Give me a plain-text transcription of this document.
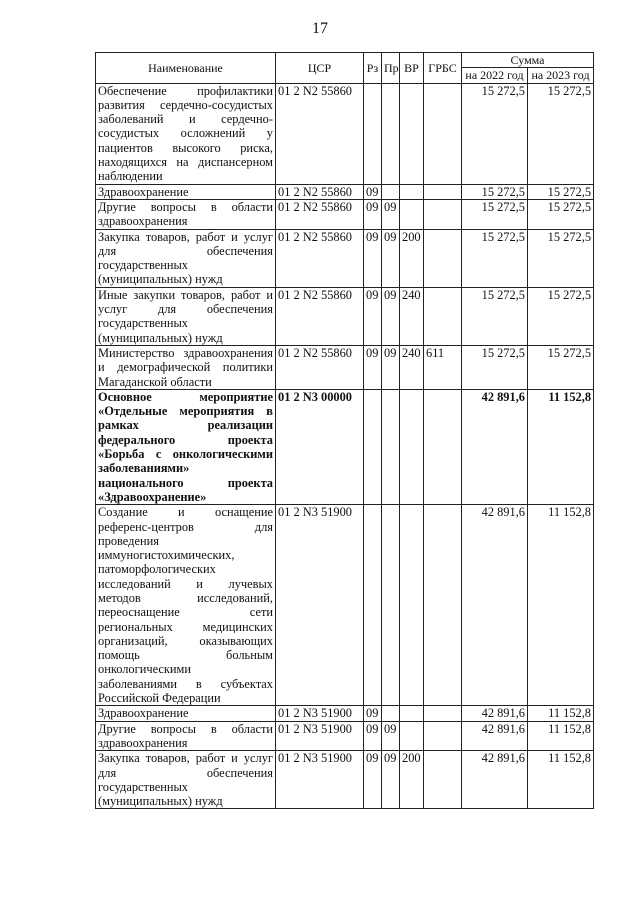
17
Наименование	ЦСР	Рз	Пр	ВР	ГРБС	Сумма	
						на 2022 год	на 2023 год
Обеспечение профилактики развития сердечно-сосудистых заболеваний и сердечно-сосудистых осложнений у пациентов высокого риска, находящихся на диспансерном наблюдении	01 2 N2 55860					15 272,5	15 272,5
Здравоохранение	01 2 N2 55860	09				15 272,5	15 272,5
Другие вопросы в области здравоохранения	01 2 N2 55860	09	09			15 272,5	15 272,5
Закупка товаров, работ и услуг для обеспечения государственных (муниципальных) нужд	01 2 N2 55860	09	09	200		15 272,5	15 272,5
Иные закупки товаров, работ и услуг для обеспечения государственных (муниципальных) нужд	01 2 N2 55860	09	09	240		15 272,5	15 272,5
Министерство здравоохранения и демографической политики Магаданской области	01 2 N2 55860	09	09	240	611	15 272,5	15 272,5
Основное мероприятие «Отдельные мероприятия в рамках реализации федерального проекта «Борьба с онкологическими заболеваниями» национального проекта «Здравоохранение»	01 2 N3 00000					42 891,6	11 152,8
Создание и оснащение референс-центров для проведения иммуногистохимических, патоморфологических исследований и лучевых методов исследований, переоснащение сети региональных медицинских организаций, оказывающих помощь больным онкологическими заболеваниями в субъектах Российской Федерации	01 2 N3 51900					42 891,6	11 152,8
Здравоохранение	01 2 N3 51900	09				42 891,6	11 152,8
Другие вопросы в области здравоохранения	01 2 N3 51900	09	09			42 891,6	11 152,8
Закупка товаров, работ и услуг для обеспечения государственных (муниципальных) нужд	01 2 N3 51900	09	09	200		42 891,6	11 152,8
